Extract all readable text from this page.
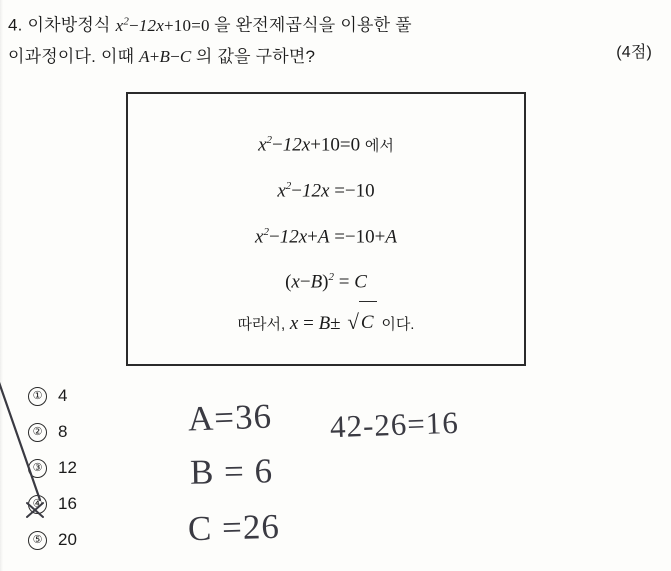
4. 이차방정식 $x^2-12x+10=0$ 을 완전제곱식을 이용한 풀
이과정이다. 이때 A+B−C 의 값을 구하면?	(4점)
$x^2-12x+10=0$ 에서
$x^2-12x =-10$
$x^2-12x+A =-10+A$
$(x-B)^2 = C$
따라서, x = B± √ C 이다.
① 4
② 8
③ 12
④ 16
⑤ 20
A=36
B = 6
C =26
42-26=16
